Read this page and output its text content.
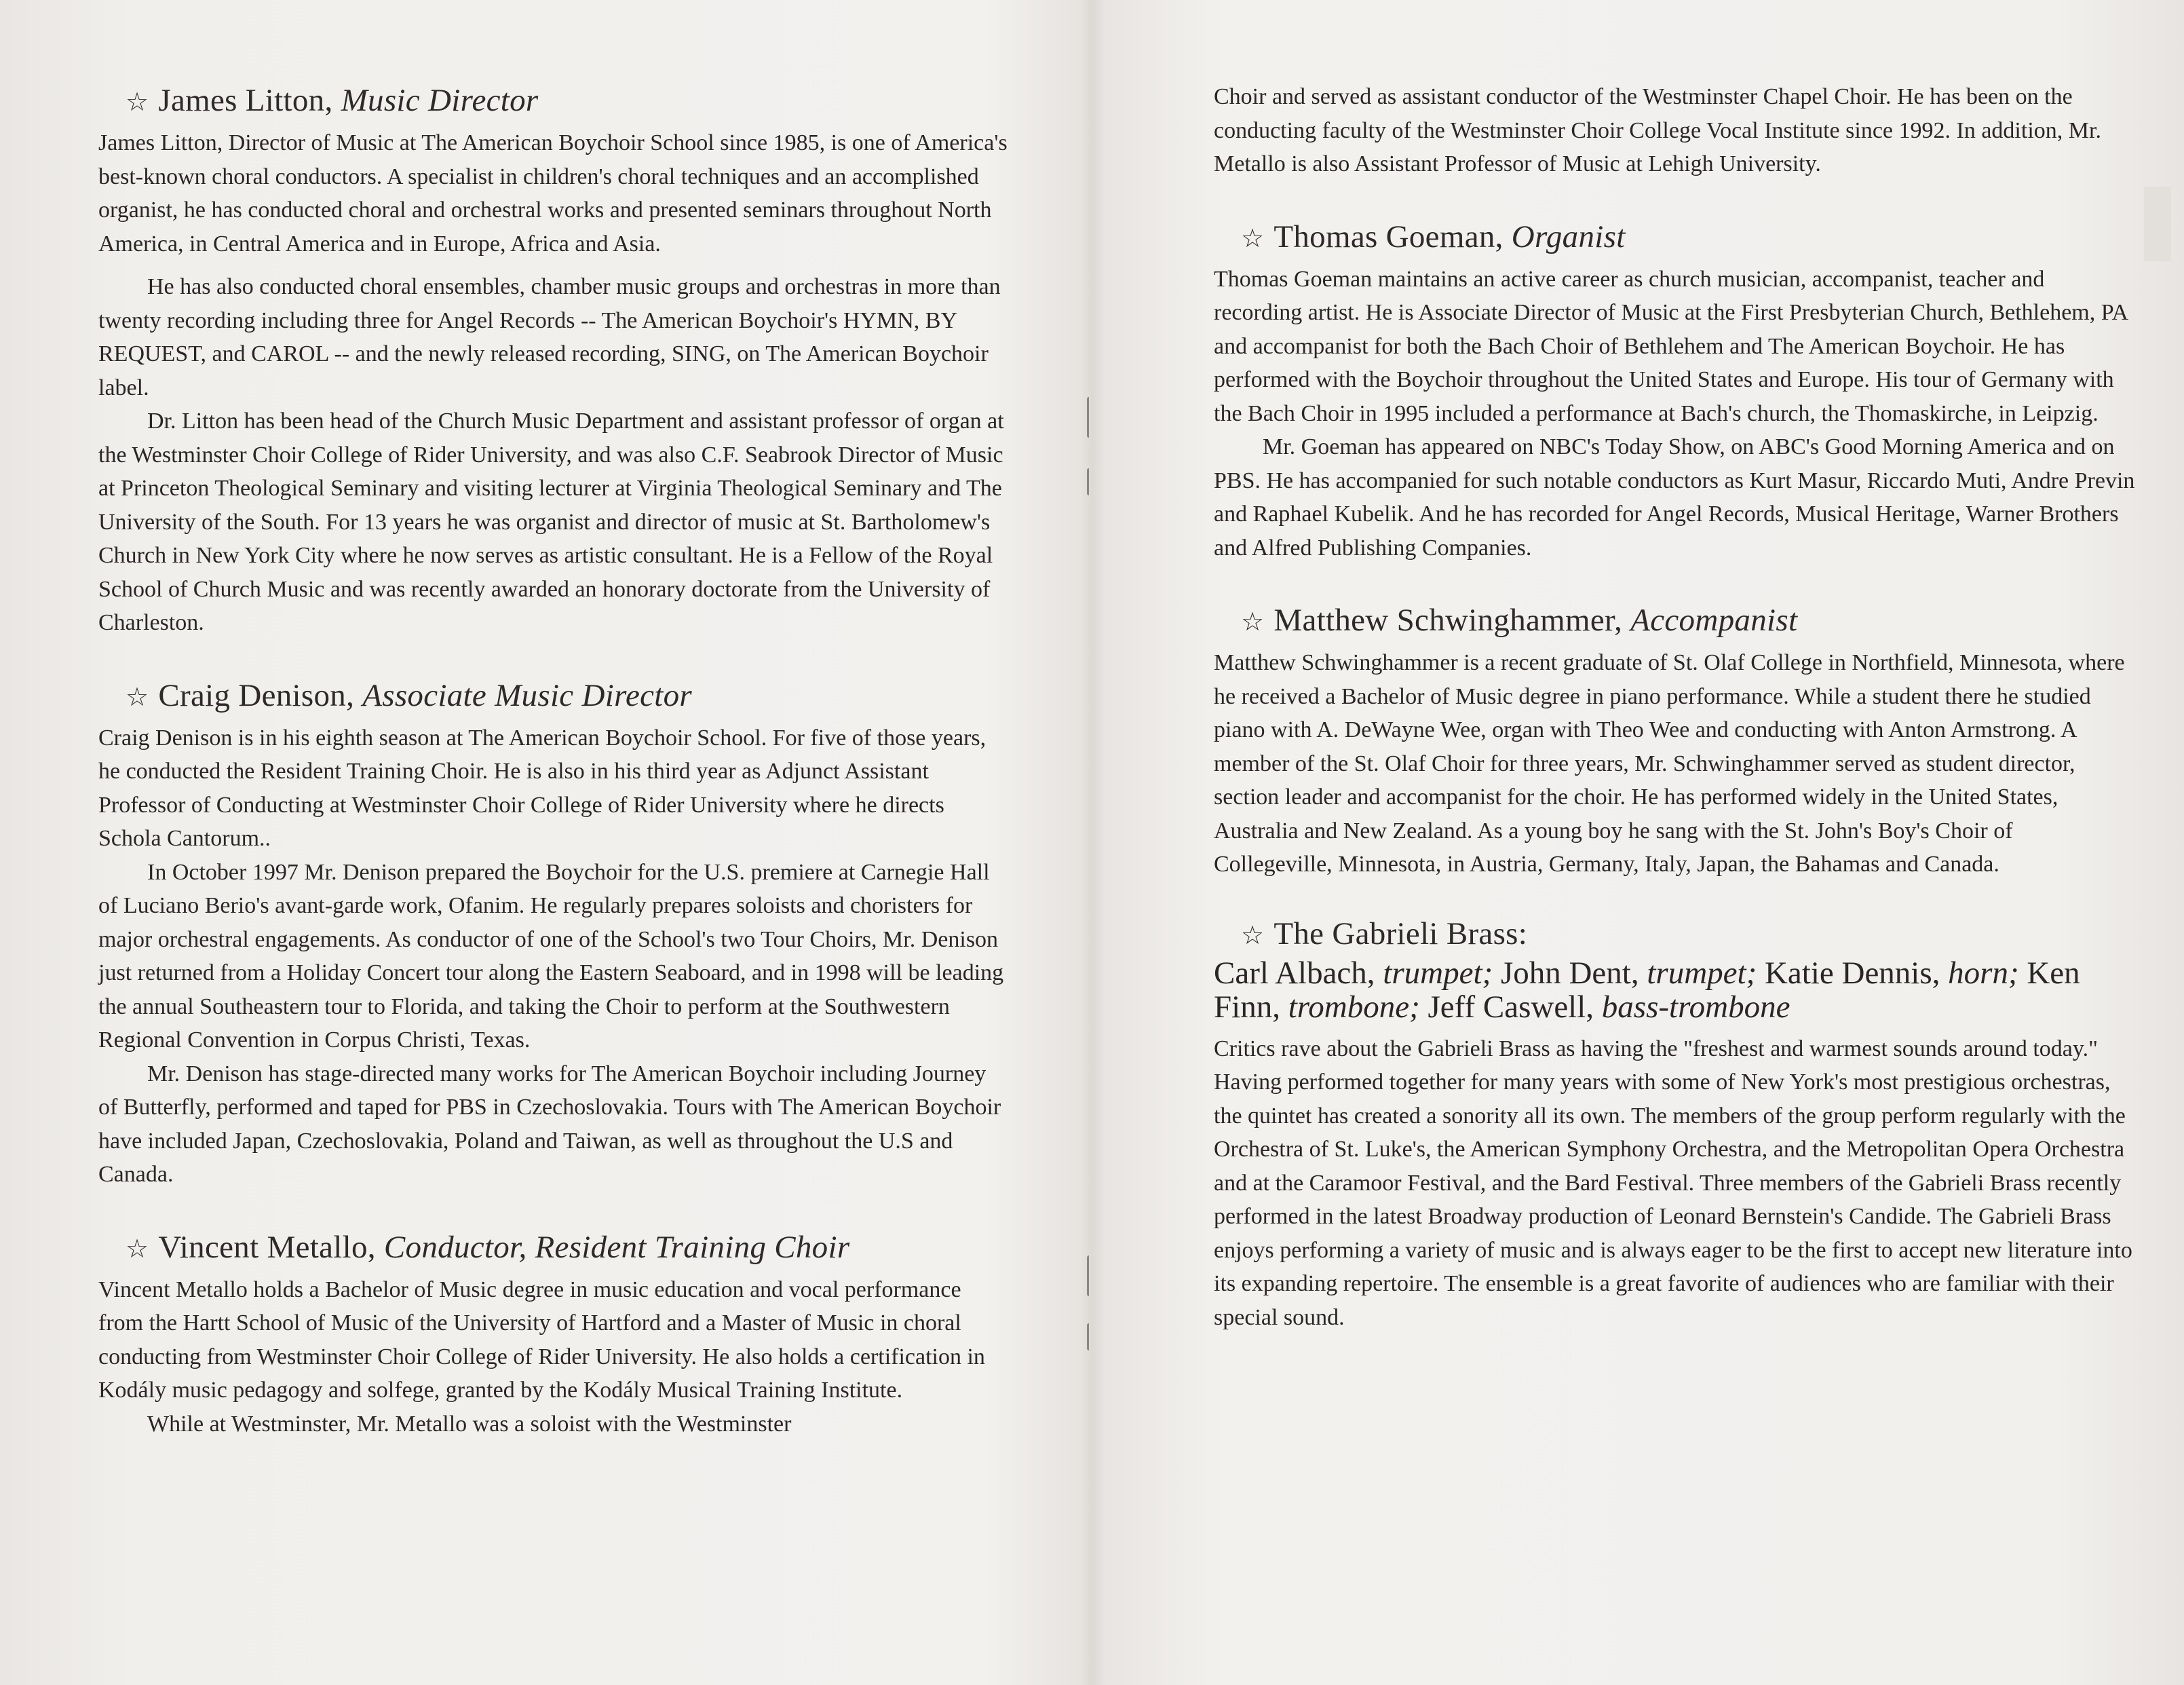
☆ James Litton, Music Director

James Litton, Director of Music at The American Boychoir School since 1985, is one of America's best-known choral conductors. A specialist in children's choral techniques and an accomplished organist, he has conducted choral and orchestral works and presented seminars throughout North America, in Central America and in Europe, Africa and Asia.

He has also conducted choral ensembles, chamber music groups and orchestras in more than twenty recording including three for Angel Records -- The American Boychoir's HYMN, BY REQUEST, and CAROL -- and the newly released recording, SING, on The American Boychoir label.

Dr. Litton has been head of the Church Music Department and assistant professor of organ at the Westminster Choir College of Rider University, and was also C.F. Seabrook Director of Music at Princeton Theological Seminary and visiting lecturer at Virginia Theological Seminary and The University of the South. For 13 years he was organist and director of music at St. Bartholomew's Church in New York City where he now serves as artistic consultant. He is a Fellow of the Royal School of Church Music and was recently awarded an honorary doctorate from the University of Charleston.

☆ Craig Denison, Associate Music Director

Craig Denison is in his eighth season at The American Boychoir School. For five of those years, he conducted the Resident Training Choir. He is also in his third year as Adjunct Assistant Professor of Conducting at Westminster Choir College of Rider University where he directs Schola Cantorum..

In October 1997 Mr. Denison prepared the Boychoir for the U.S. premiere at Carnegie Hall of Luciano Berio's avant-garde work, Ofanim. He regularly prepares soloists and choristers for major orchestral engagements. As conductor of one of the School's two Tour Choirs, Mr. Denison just returned from a Holiday Concert tour along the Eastern Seaboard, and in 1998 will be leading the annual Southeastern tour to Florida, and taking the Choir to perform at the Southwestern Regional Convention in Corpus Christi, Texas.

Mr. Denison has stage-directed many works for The American Boychoir including Journey of Butterfly, performed and taped for PBS in Czechoslovakia. Tours with The American Boychoir have included Japan, Czechoslovakia, Poland and Taiwan, as well as throughout the U.S and Canada.

☆ Vincent Metallo, Conductor, Resident Training Choir

Vincent Metallo holds a Bachelor of Music degree in music education and vocal performance from the Hartt School of Music of the University of Hartford and a Master of Music in choral conducting from Westminster Choir College of Rider University. He also holds a certification in Kodály music pedagogy and solfege, granted by the Kodály Musical Training Institute.

While at Westminster, Mr. Metallo was a soloist with the Westminster

Choir and served as assistant conductor of the Westminster Chapel Choir. He has been on the conducting faculty of the Westminster Choir College Vocal Institute since 1992. In addition, Mr. Metallo is also Assistant Professor of Music at Lehigh University.

☆ Thomas Goeman, Organist

Thomas Goeman maintains an active career as church musician, accompanist, teacher and recording artist. He is Associate Director of Music at the First Presbyterian Church, Bethlehem, PA and accompanist for both the Bach Choir of Bethlehem and The American Boychoir. He has performed with the Boychoir throughout the United States and Europe. His tour of Germany with the Bach Choir in 1995 included a performance at Bach's church, the Thomaskirche, in Leipzig.

Mr. Goeman has appeared on NBC's Today Show, on ABC's Good Morning America and on PBS. He has accompanied for such notable conductors as Kurt Masur, Riccardo Muti, Andre Previn and Raphael Kubelik. And he has recorded for Angel Records, Musical Heritage, Warner Brothers and Alfred Publishing Companies.

☆ Matthew Schwinghammer, Accompanist

Matthew Schwinghammer is a recent graduate of St. Olaf College in Northfield, Minnesota, where he received a Bachelor of Music degree in piano performance. While a student there he studied piano with A. DeWayne Wee, organ with Theo Wee and conducting with Anton Armstrong. A member of the St. Olaf Choir for three years, Mr. Schwinghammer served as student director, section leader and accompanist for the choir. He has performed widely in the United States, Australia and New Zealand. As a young boy he sang with the St. John's Boy's Choir of Collegeville, Minnesota, in Austria, Germany, Italy, Japan, the Bahamas and Canada.

☆ The Gabrieli Brass:
Carl Albach, trumpet; John Dent, trumpet; Katie Dennis, horn; Ken Finn, trombone; Jeff Caswell, bass-trombone

Critics rave about the Gabrieli Brass as having the "freshest and warmest sounds around today." Having performed together for many years with some of New York's most prestigious orchestras, the quintet has created a sonority all its own. The members of the group perform regularly with the Orchestra of St. Luke's, the American Symphony Orchestra, and the Metropolitan Opera Orchestra and at the Caramoor Festival, and the Bard Festival. Three members of the Gabrieli Brass recently performed in the latest Broadway production of Leonard Bernstein's Candide. The Gabrieli Brass enjoys performing a variety of music and is always eager to be the first to accept new literature into its expanding repertoire. The ensemble is a great favorite of audiences who are familiar with their special sound.
